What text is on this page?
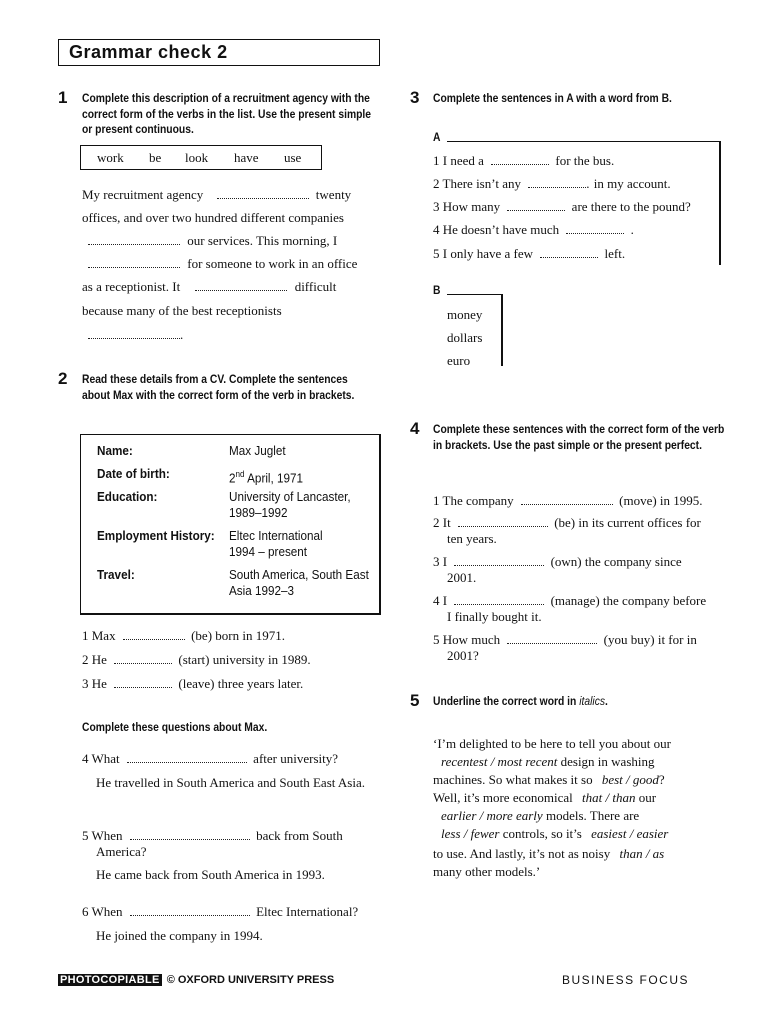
Grammar check 2
1 Complete this description of a recruitment agency with the correct form of the verbs in the list. Use the present simple or present continuous.
work be look have use
My recruitment agency	twenty
offices, and over two hundred different companies
our services. This morning, I
for someone to work in an office
as a receptionist. It	difficult
because many of the best receptionists
.
2 Read these details from a CV. Complete the sentences about Max with the correct form of the verb in brackets.
Name:	Max Juglet
Date of birth:	2nd April, 1971
Education:	University of Lancaster,
1989–1992
Employment History: Eltec International
1994 – present
Travel:	South America, South East
Asia 1992–3
1 Max	(be) born in 1971.
2 He	(start) university in 1989.
3 He	(leave) three years later.
Complete these questions about Max.
4 What	after university?
He travelled in South America and South East Asia.
5 When	back from South
America?
He came back from South America in 1993.
6 When	Eltec International?
He joined the company in 1994.
3 Complete the sentences in A with a word from B.
A
1 I need a	for the bus.
2 There isn’t any	. in my account.
3 How many	are there to the pound?
4 He doesn’t have much	.
5 I only have a few	left.
B
money
dollars
euro
4 Complete these sentences with the correct form of the verb in brackets. Use the past simple or the present perfect.
1 The company	(move) in 1995.
2 It	(be) in its current offices for
ten years.
3 I	(own) the company since
2001.
4 I	(manage) the company before
I finally bought it.
5 How much	(you buy) it for in
2001?
5 Underline the correct word in italics.
‘I’m delighted to be here to tell you about our
recentest / most recent design in washing
machines. So what makes it so best / good?
Well, it’s more economical that / than our
earlier / more early models. There are
less / fewer controls, so it’s easiest / easier
to use. And lastly, it’s not as noisy than / as
many other models.’
PHOTOCOPIABLE © OXFORD UNIVERSITY PRESS	BUSINESS FOCUS
